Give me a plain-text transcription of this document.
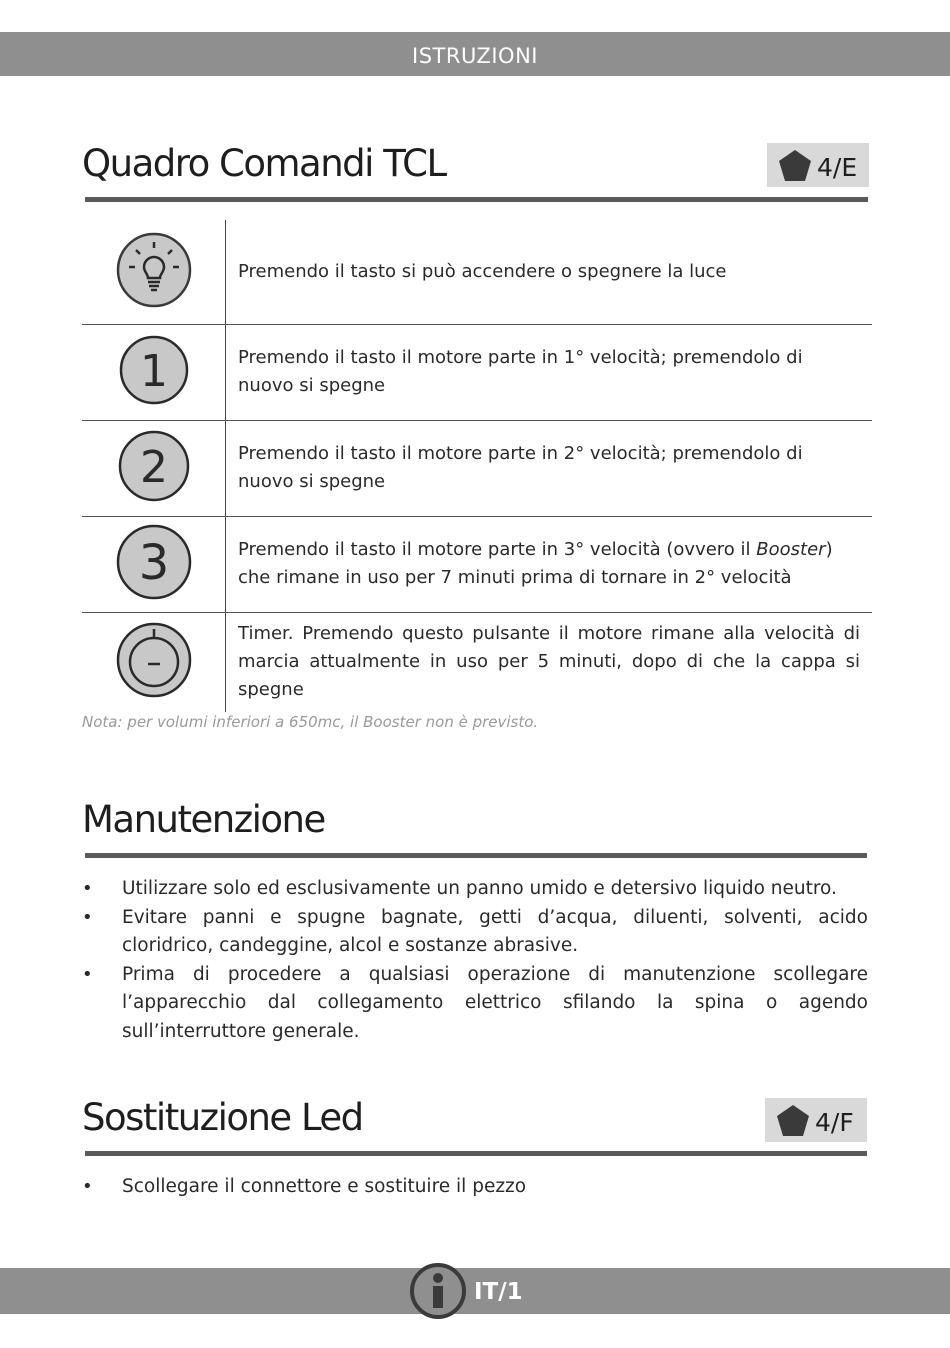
ISTRUZIONI
Quadro Comandi TCL	4/E
	Premendo il tasto si può accendere o spegnere la luce

1	Premendo il tasto il motore parte in 1° velocità; premendolo di nuovo si spegne

2	Premendo il tasto il motore parte in 2° velocità; premendolo di nuovo si spegne

3	Premendo il tasto il motore parte in 3° velocità (ovvero il Booster) che rimane in uso per 7 minuti prima di tornare in 2° velocità
	Timer. Premendo questo pulsante il motore rimane alla velocità di marcia attualmente in uso per 5 minuti, dopo di che la cappa si spegne
Nota: per volumi inferiori a 650mc, il Booster non è previsto.
Manutenzione
• Utilizzare solo ed esclusivamente un panno umido e detersivo liquido neutro.
• Evitare panni e spugne bagnate, getti d’acqua, diluenti, solventi, acido cloridrico, candeggine, alcol e sostanze abrasive.
• Prima di procedere a qualsiasi operazione di manutenzione scollegare l’apparecchio dal collegamento elettrico sfilando la spina o agendo sull’interruttore generale.
Sostituzione Led	4/F
• Scollegare il connettore e sostituire il pezzo
IT/1
